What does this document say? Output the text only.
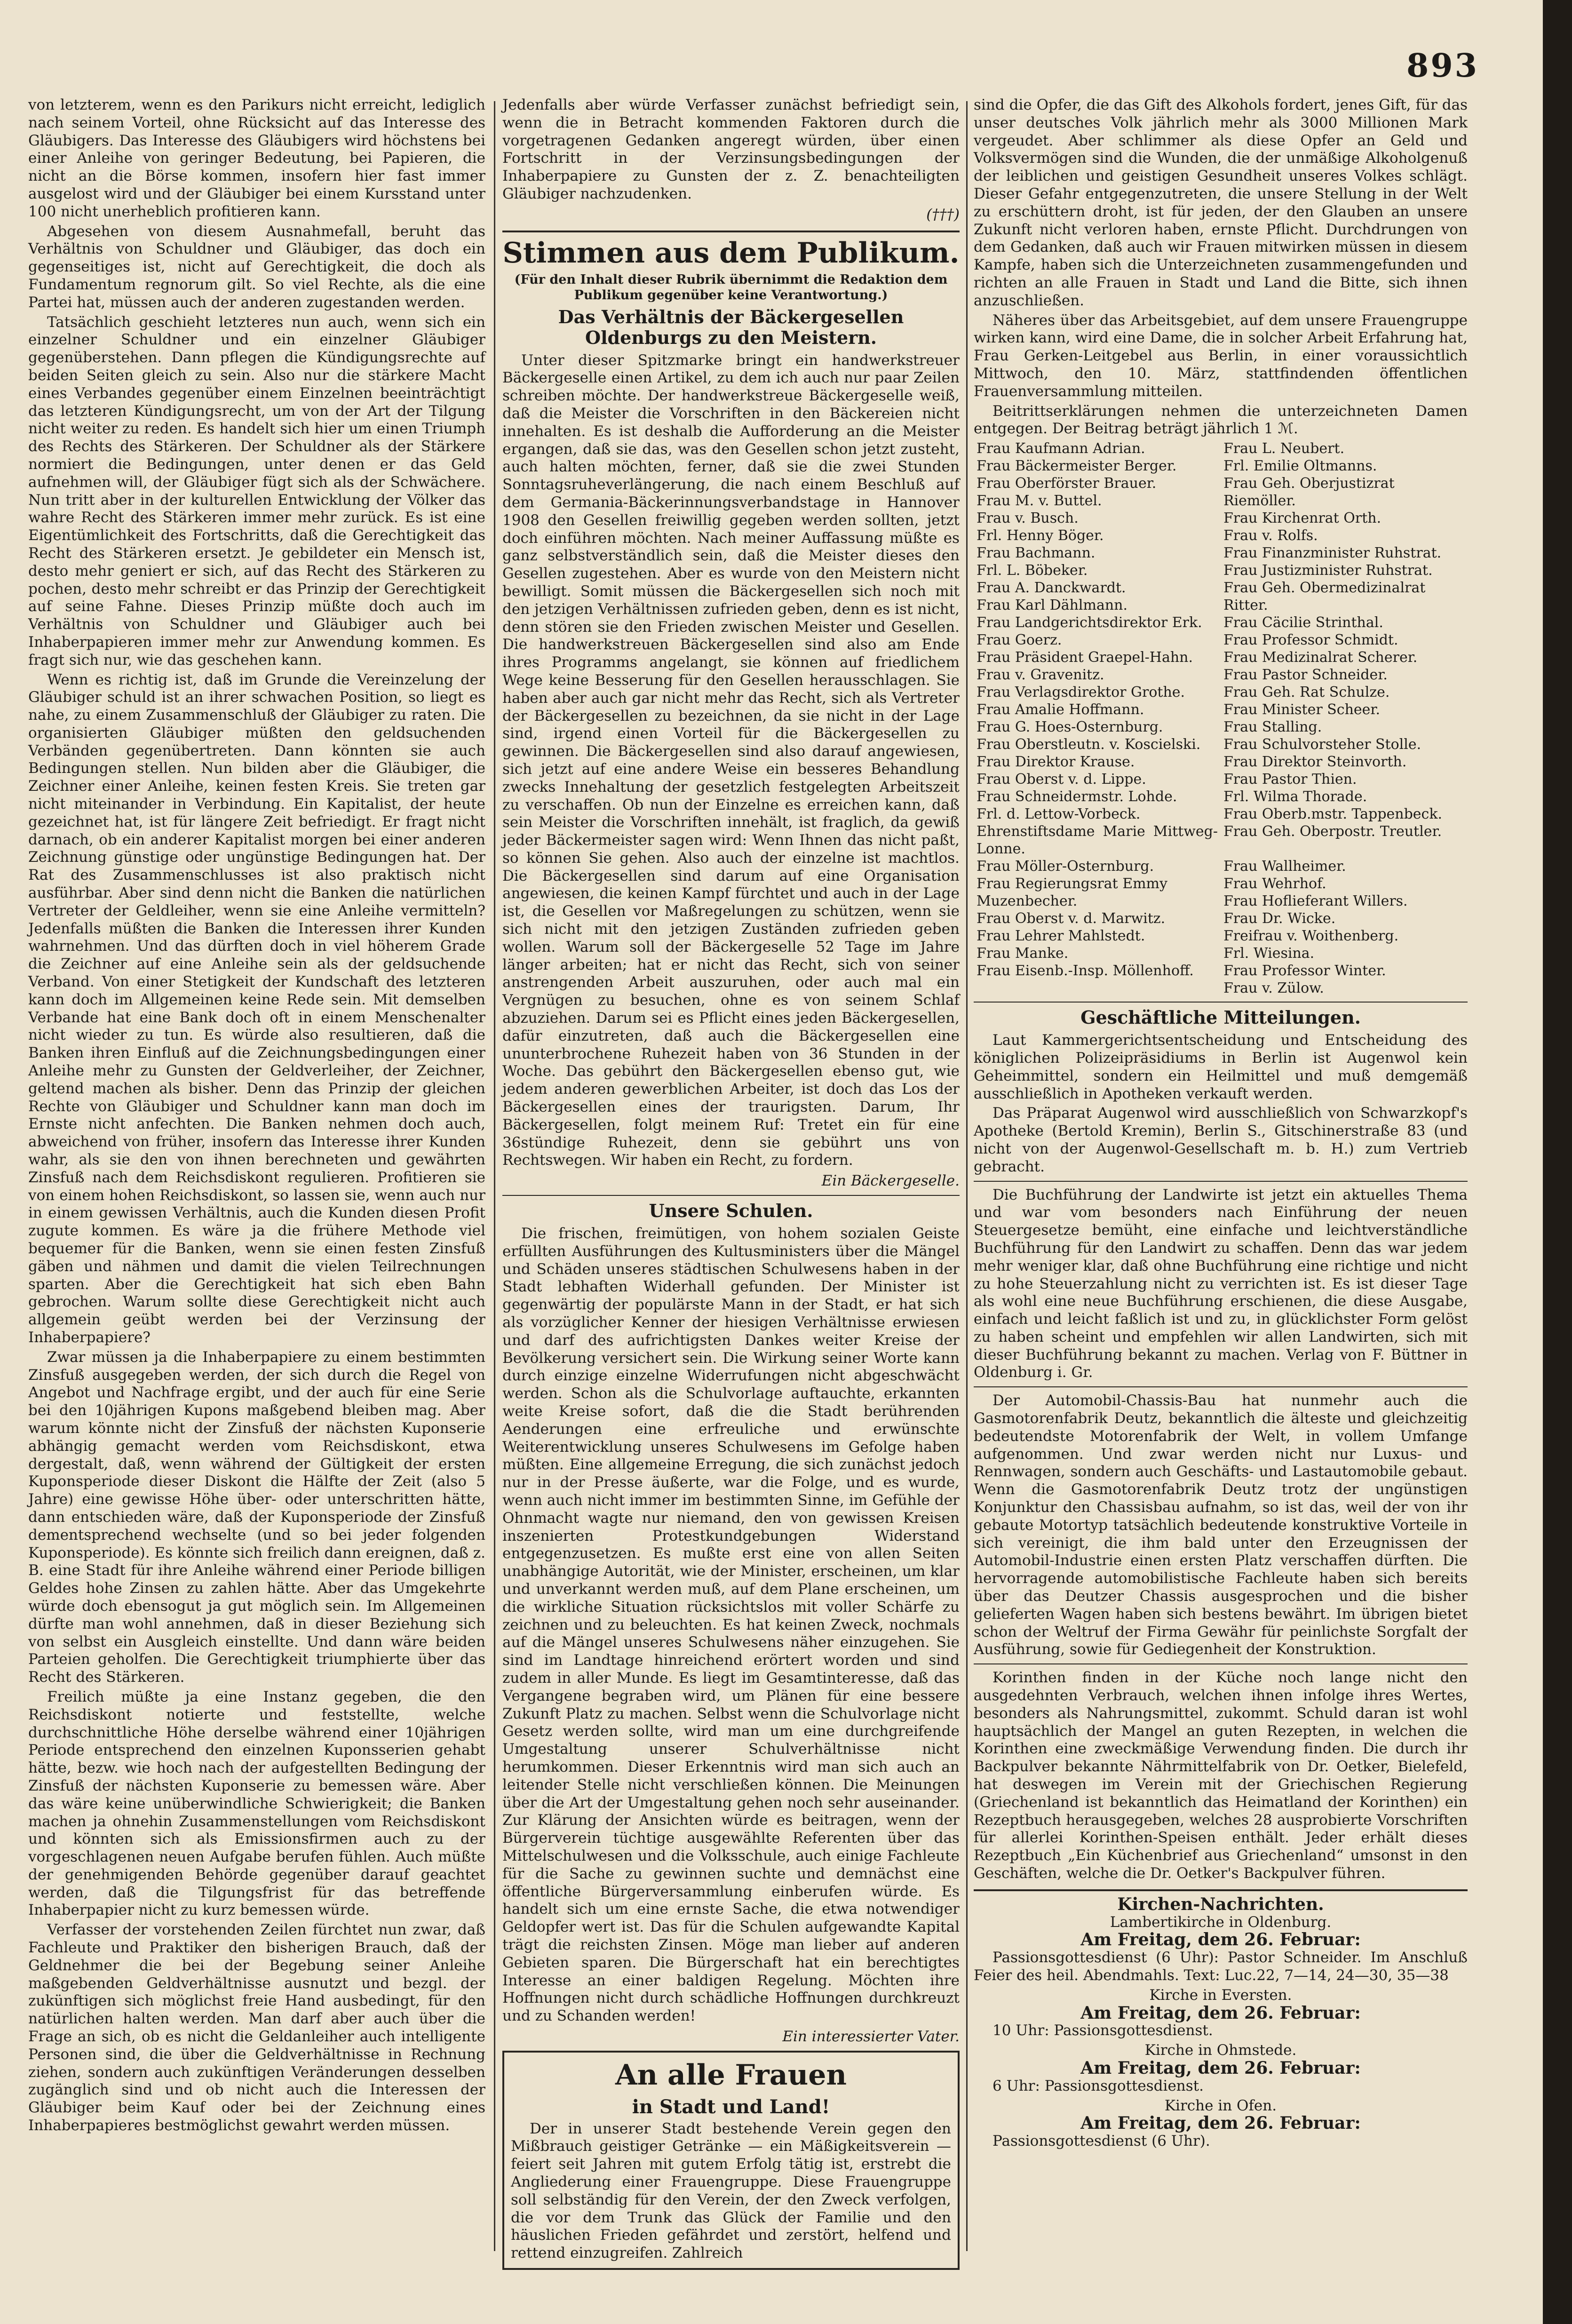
893

von letzterem, wenn es den Parikurs nicht erreicht, lediglich nach seinem Vorteil, ohne Rücksicht auf das Interesse des Gläubigers. Das Interesse des Gläubigers wird höchstens bei einer Anleihe von geringer Bedeutung, bei Papieren, die nicht an die Börse kommen, insofern hier fast immer ausgelost wird und der Gläubiger bei einem Kursstand unter 100 nicht unerheblich profitieren kann.

Abgesehen von diesem Ausnahmefall, beruht das Verhältnis von Schuldner und Gläubiger, das doch ein gegenseitiges ist, nicht auf Gerechtigkeit, die doch als Fundamentum regnorum gilt. So viel Rechte, als die eine Partei hat, müssen auch der anderen zugestanden werden.

Tatsächlich geschieht letzteres nun auch, wenn sich ein einzelner Schuldner und ein einzelner Gläubiger gegenüberstehen. Dann pflegen die Kündigungsrechte auf beiden Seiten gleich zu sein. Also nur die stärkere Macht eines Verbandes gegenüber einem Einzelnen beeinträchtigt das letzteren Kündigungsrecht, um von der Art der Tilgung nicht weiter zu reden. Es handelt sich hier um einen Triumph des Rechts des Stärkeren. Der Schuldner als der Stärkere normiert die Bedingungen, unter denen er das Geld aufnehmen will, der Gläubiger fügt sich als der Schwächere. Nun tritt aber in der kulturellen Entwicklung der Völker das wahre Recht des Stärkeren immer mehr zurück. Es ist eine Eigentümlichkeit des Fortschritts, daß die Gerechtigkeit das Recht des Stärkeren ersetzt. Je gebildeter ein Mensch ist, desto mehr geniert er sich, auf das Recht des Stärkeren zu pochen, desto mehr schreibt er das Prinzip der Gerechtigkeit auf seine Fahne. Dieses Prinzip müßte doch auch im Verhältnis von Schuldner und Gläubiger auch bei Inhaberpapieren immer mehr zur Anwendung kommen. Es fragt sich nur, wie das geschehen kann.

Wenn es richtig ist, daß im Grunde die Vereinzelung der Gläubiger schuld ist an ihrer schwachen Position, so liegt es nahe, zu einem Zusammenschluß der Gläubiger zu raten. Die organisierten Gläubiger müßten den geldsuchenden Verbänden gegenübertreten. Dann könnten sie auch Bedingungen stellen. Nun bilden aber die Gläubiger, die Zeichner einer Anleihe, keinen festen Kreis. Sie treten gar nicht miteinander in Verbindung. Ein Kapitalist, der heute gezeichnet hat, ist für längere Zeit befriedigt. Er fragt nicht darnach, ob ein anderer Kapitalist morgen bei einer anderen Zeichnung günstige oder ungünstige Bedingungen hat. Der Rat des Zusammenschlusses ist also praktisch nicht ausführbar. Aber sind denn nicht die Banken die natürlichen Vertreter der Geldleiher, wenn sie eine Anleihe vermitteln? Jedenfalls müßten die Banken die Interessen ihrer Kunden wahrnehmen. Und das dürften doch in viel höherem Grade die Zeichner auf eine Anleihe sein als der geldsuchende Verband. Von einer Stetigkeit der Kundschaft des letzteren kann doch im Allgemeinen keine Rede sein. Mit demselben Verbande hat eine Bank doch oft in einem Menschenalter nicht wieder zu tun. Es würde also resultieren, daß die Banken ihren Einfluß auf die Zeichnungsbedingungen einer Anleihe mehr zu Gunsten der Geldverleiher, der Zeichner, geltend machen als bisher. Denn das Prinzip der gleichen Rechte von Gläubiger und Schuldner kann man doch im Ernste nicht anfechten. Die Banken nehmen doch auch, abweichend von früher, insofern das Interesse ihrer Kunden wahr, als sie den von ihnen berechneten und gewährten Zinsfuß nach dem Reichsdiskont regulieren. Profitieren sie von einem hohen Reichsdiskont, so lassen sie, wenn auch nur in einem gewissen Verhältnis, auch die Kunden diesen Profit zugute kommen. Es wäre ja die frühere Methode viel bequemer für die Banken, wenn sie einen festen Zinsfuß gäben und nähmen und damit die vielen Teilrechnungen sparten. Aber die Gerechtigkeit hat sich eben Bahn gebrochen. Warum sollte diese Gerechtigkeit nicht auch allgemein geübt werden bei der Verzinsung der Inhaberpapiere?

Zwar müssen ja die Inhaberpapiere zu einem bestimmten Zinsfuß ausgegeben werden, der sich durch die Regel von Angebot und Nachfrage ergibt, und der auch für eine Serie bei den 10jährigen Kupons maßgebend bleiben mag. Aber warum könnte nicht der Zinsfuß der nächsten Kuponserie abhängig gemacht werden vom Reichsdiskont, etwa dergestalt, daß, wenn während der Gültigkeit der ersten Kuponsperiode dieser Diskont die Hälfte der Zeit (also 5 Jahre) eine gewisse Höhe über- oder unterschritten hätte, dann entschieden wäre, daß der Kuponsperiode der Zinsfuß dementsprechend wechselte (und so bei jeder folgenden Kuponsperiode). Es könnte sich freilich dann ereignen, daß z. B. eine Stadt für ihre Anleihe während einer Periode billigen Geldes hohe Zinsen zu zahlen hätte. Aber das Umgekehrte würde doch ebensogut ja gut möglich sein. Im Allgemeinen dürfte man wohl annehmen, daß in dieser Beziehung sich von selbst ein Ausgleich einstellte. Und dann wäre beiden Parteien geholfen. Die Gerechtigkeit triumphierte über das Recht des Stärkeren.

Freilich müßte ja eine Instanz gegeben, die den Reichsdiskont notierte und feststellte, welche durchschnittliche Höhe derselbe während einer 10jährigen Periode entsprechend den einzelnen Kuponsserien gehabt hätte, bezw. wie hoch nach der aufgestellten Bedingung der Zinsfuß der nächsten Kuponserie zu bemessen wäre. Aber das wäre keine unüberwindliche Schwierigkeit; die Banken machen ja ohnehin Zusammenstellungen vom Reichsdiskont und könnten sich als Emissionsfirmen auch zu der vorgeschlagenen neuen Aufgabe berufen fühlen. Auch müßte der genehmigenden Behörde gegenüber darauf geachtet werden, daß die Tilgungsfrist für das betreffende Inhaberpapier nicht zu kurz bemessen würde.

Verfasser der vorstehenden Zeilen fürchtet nun zwar, daß Fachleute und Praktiker den bisherigen Brauch, daß der Geldnehmer die bei der Begebung seiner Anleihe maßgebenden Geldverhältnisse ausnutzt und bezgl. der zukünftigen sich möglichst freie Hand ausbedingt, für den natürlichen halten werden. Man darf aber auch über die Frage an sich, ob es nicht die Geldanleiher auch intelligente Personen sind, die über die Geldverhältnisse in Rechnung ziehen, sondern auch zukünftigen Veränderungen desselben zugänglich sind und ob nicht auch die Interessen der Gläubiger beim Kauf oder bei der Zeichnung eines Inhaberpapieres bestmöglichst gewahrt werden müssen.

Jedenfalls aber würde Verfasser zunächst befriedigt sein, wenn die in Betracht kommenden Faktoren durch die vorgetragenen Gedanken angeregt würden, über einen Fortschritt in der Verzinsungsbedingungen der Inhaberpapiere zu Gunsten der z. Z. benachteiligten Gläubiger nachzudenken.

(†††)
Stimmen aus dem Publikum.
(Für den Inhalt dieser Rubrik übernimmt die Redaktion dem Publikum gegenüber keine Verantwortung.)
Das Verhältnis der Bäckergesellen Oldenburgs zu den Meistern.

Unter dieser Spitzmarke bringt ein handwerkstreuer Bäckergeselle einen Artikel, zu dem ich auch nur paar Zeilen schreiben möchte. Der handwerkstreue Bäckergeselle weiß, daß die Meister die Vorschriften in den Bäckereien nicht innehalten. Es ist deshalb die Aufforderung an die Meister ergangen, daß sie das, was den Gesellen schon jetzt zusteht, auch halten möchten, ferner, daß sie die zwei Stunden Sonntagsruheverlängerung, die nach einem Beschluß auf dem Germania-Bäckerinnungsverbandstage in Hannover 1908 den Gesellen freiwillig gegeben werden sollten, jetzt doch einführen möchten. Nach meiner Auffassung müßte es ganz selbstverständlich sein, daß die Meister dieses den Gesellen zugestehen. Aber es wurde von den Meistern nicht bewilligt. Somit müssen die Bäckergesellen sich noch mit den jetzigen Verhältnissen zufrieden geben, denn es ist nicht, denn stören sie den Frieden zwischen Meister und Gesellen. Die handwerkstreuen Bäckergesellen sind also am Ende ihres Programms angelangt, sie können auf friedlichem Wege keine Besserung für den Gesellen herausschlagen. Sie haben aber auch gar nicht mehr das Recht, sich als Vertreter der Bäckergesellen zu bezeichnen, da sie nicht in der Lage sind, irgend einen Vorteil für die Bäckergesellen zu gewinnen. Die Bäckergesellen sind also darauf angewiesen, sich jetzt auf eine andere Weise ein besseres Behandlung zwecks Innehaltung der gesetzlich festgelegten Arbeitszeit zu verschaffen. Ob nun der Einzelne es erreichen kann, daß sein Meister die Vorschriften innehält, ist fraglich, da gewiß jeder Bäckermeister sagen wird: Wenn Ihnen das nicht paßt, so können Sie gehen. Also auch der einzelne ist machtlos. Die Bäckergesellen sind darum auf eine Organisation angewiesen, die keinen Kampf fürchtet und auch in der Lage ist, die Gesellen vor Maßregelungen zu schützen, wenn sie sich nicht mit den jetzigen Zuständen zufrieden geben wollen. Warum soll der Bäckergeselle 52 Tage im Jahre länger arbeiten; hat er nicht das Recht, sich von seiner anstrengenden Arbeit auszuruhen, oder auch mal ein Vergnügen zu besuchen, ohne es von seinem Schlaf abzuziehen. Darum sei es Pflicht eines jeden Bäckergesellen, dafür einzutreten, daß auch die Bäckergesellen eine ununterbrochene Ruhezeit haben von 36 Stunden in der Woche. Das gebührt den Bäckergesellen ebenso gut, wie jedem anderen gewerblichen Arbeiter, ist doch das Los der Bäckergesellen eines der traurigsten. Darum, Ihr Bäckergesellen, folgt meinem Ruf: Tretet ein für eine 36stündige Ruhezeit, denn sie gebührt uns von Rechtswegen. Wir haben ein Recht, zu fordern.

Ein Bäckergeselle.
Unsere Schulen.

Die frischen, freimütigen, von hohem sozialen Geiste erfüllten Ausführungen des Kultusministers über die Mängel und Schäden unseres städtischen Schulwesens haben in der Stadt lebhaften Widerhall gefunden. Der Minister ist gegenwärtig der populärste Mann in der Stadt, er hat sich als vorzüglicher Kenner der hiesigen Verhältnisse erwiesen und darf des aufrichtigsten Dankes weiter Kreise der Bevölkerung versichert sein. Die Wirkung seiner Worte kann durch einzige einzelne Widerrufungen nicht abgeschwächt werden. Schon als die Schulvorlage auftauchte, erkannten weite Kreise sofort, daß die die Stadt berührenden Aenderungen eine erfreuliche und erwünschte Weiterentwicklung unseres Schulwesens im Gefolge haben müßten. Eine allgemeine Erregung, die sich zunächst jedoch nur in der Presse äußerte, war die Folge, und es wurde, wenn auch nicht immer im bestimmten Sinne, im Gefühle der Ohnmacht wagte nur niemand, den von gewissen Kreisen inszenierten Protestkundgebungen Widerstand entgegenzusetzen. Es mußte erst eine von allen Seiten unabhängige Autorität, wie der Minister, erscheinen, um klar und unverkannt werden muß, auf dem Plane erscheinen, um die wirkliche Situation rücksichtslos mit voller Schärfe zu zeichnen und zu beleuchten. Es hat keinen Zweck, nochmals auf die Mängel unseres Schulwesens näher einzugehen. Sie sind im Landtage hinreichend erörtert worden und sind zudem in aller Munde. Es liegt im Gesamtinteresse, daß das Vergangene begraben wird, um Plänen für eine bessere Zukunft Platz zu machen. Selbst wenn die Schulvorlage nicht Gesetz werden sollte, wird man um eine durchgreifende Umgestaltung unserer Schulverhältnisse nicht herumkommen. Dieser Erkenntnis wird man sich auch an leitender Stelle nicht verschließen können. Die Meinungen über die Art der Umgestaltung gehen noch sehr auseinander. Zur Klärung der Ansichten würde es beitragen, wenn der Bürgerverein tüchtige ausgewählte Referenten über das Mittelschulwesen und die Volksschule, auch einige Fachleute für die Sache zu gewinnen suchte und demnächst eine öffentliche Bürgerversammlung einberufen würde. Es handelt sich um eine ernste Sache, die etwa notwendiger Geldopfer wert ist. Das für die Schulen aufgewandte Kapital trägt die reichsten Zinsen. Möge man lieber auf anderen Gebieten sparen. Die Bürgerschaft hat ein berechtigtes Interesse an einer baldigen Regelung. Möchten ihre Hoffnungen nicht durch schädliche Hoffnungen durchkreuzt und zu Schanden werden!

Ein interessierter Vater.
An alle Frauen
in Stadt und Land!

Der in unserer Stadt bestehende Verein gegen den Mißbrauch geistiger Getränke — ein Mäßigkeitsverein — feiert seit Jahren mit gutem Erfolg tätig ist, erstrebt die Angliederung einer Frauengruppe. Diese Frauengruppe soll selbständig für den Verein, der den Zweck verfolgen, die vor dem Trunk das Glück der Familie und den häuslichen Frieden gefährdet und zerstört, helfend und rettend einzugreifen. Zahlreich

sind die Opfer, die das Gift des Alkohols fordert, jenes Gift, für das unser deutsches Volk jährlich mehr als 3000 Millionen Mark vergeudet. Aber schlimmer als diese Opfer an Geld und Volksvermögen sind die Wunden, die der unmäßige Alkoholgenuß der leiblichen und geistigen Gesundheit unseres Volkes schlägt. Dieser Gefahr entgegenzutreten, die unsere Stellung in der Welt zu erschüttern droht, ist für jeden, der den Glauben an unsere Zukunft nicht verloren haben, ernste Pflicht. Durchdrungen von dem Gedanken, daß auch wir Frauen mitwirken müssen in diesem Kampfe, haben sich die Unterzeichneten zusammengefunden und richten an alle Frauen in Stadt und Land die Bitte, sich ihnen anzuschließen.

Näheres über das Arbeitsgebiet, auf dem unsere Frauengruppe wirken kann, wird eine Dame, die in solcher Arbeit Erfahrung hat, Frau Gerken-Leitgebel aus Berlin, in einer voraussichtlich Mittwoch, den 10. März, stattfindenden öffentlichen Frauenversammlung mitteilen.

Beitrittserklärungen nehmen die unterzeichneten Damen entgegen. Der Beitrag beträgt jährlich 1 ℳ.

Frau Kaufmann Adrian.	Frau L. Neubert.
Frau Bäckermeister Berger.	Frl. Emilie Oltmanns.
Frau Oberförster Brauer.	Frau Geh. Oberjustizrat
Frau M. v. Buttel.	Riemöller.
Frau v. Busch.	Frau Kirchenrat Orth.
Frl. Henny Böger.	Frau v. Rolfs.
Frau Bachmann.	Frau Finanzminister Ruhstrat.
Frl. L. Böbeker.	Frau Justizminister Ruhstrat.
Frau A. Danckwardt.	Frau Geh. Obermedizinalrat
Frau Karl Dählmann.	Ritter.
Frau Landgerichtsdirektor Erk.	Frau Cäcilie Strinthal.
Frau Goerz.	Frau Professor Schmidt.
Frau Präsident Graepel-Hahn.	Frau Medizinalrat Scherer.
Frau v. Gravenitz.	Frau Pastor Schneider.
Frau Verlagsdirektor Grothe.	Frau Geh. Rat Schulze.
Frau Amalie Hoffmann.	Frau Minister Scheer.
Frau G. Hoes-Osternburg.	Frau Stalling.
Frau Oberstleutn. v. Koscielski.	Frau Schulvorsteher Stolle.
Frau Direktor Krause.	Frau Direktor Steinvorth.
Frau Oberst v. d. Lippe.	Frau Pastor Thien.
Frau Schneidermstr. Lohde.	Frl. Wilma Thorade.
Frl. d. Lettow-Vorbeck.	Frau Oberb.mstr. Tappenbeck.
Ehrenstiftsdame Marie Mittweg-Lonne.	Frau Geh. Oberpostr. Treutler.
Frau Möller-Osternburg.	Frau Wallheimer.
Frau Regierungsrat Emmy	Frau Wehrhof.
Muzenbecher.	Frau Hoflieferant Willers.
Frau Oberst v. d. Marwitz.	Frau Dr. Wicke.
Frau Lehrer Mahlstedt.	Freifrau v. Woithenberg.
Frau Manke.	Frl. Wiesina.
Frau Eisenb.-Insp. Möllenhoff.	Frau Professor Winter.
	Frau v. Zülow.
Geschäftliche Mitteilungen.

Laut Kammergerichtsentscheidung und Entscheidung des königlichen Polizeipräsidiums in Berlin ist Augenwol kein Geheimmittel, sondern ein Heilmittel und muß demgemäß ausschließlich in Apotheken verkauft werden.

Das Präparat Augenwol wird ausschließlich von Schwarzkopf's Apotheke (Bertold Kremin), Berlin S., Gitschinerstraße 83 (und nicht von der Augenwol-Gesellschaft m. b. H.) zum Vertrieb gebracht.

Die Buchführung der Landwirte ist jetzt ein aktuelles Thema und war vom besonders nach Einführung der neuen Steuergesetze bemüht, eine einfache und leichtverständliche Buchführung für den Landwirt zu schaffen. Denn das war jedem mehr weniger klar, daß ohne Buchführung eine richtige und nicht zu hohe Steuerzahlung nicht zu verrichten ist. Es ist dieser Tage als wohl eine neue Buchführung erschienen, die diese Ausgabe, einfach und leicht faßlich ist und zu, in glücklichster Form gelöst zu haben scheint und empfehlen wir allen Landwirten, sich mit dieser Buchführung bekannt zu machen. Verlag von F. Büttner in Oldenburg i. Gr.

Der Automobil-Chassis-Bau hat nunmehr auch die Gasmotorenfabrik Deutz, bekanntlich die älteste und gleichzeitig bedeutendste Motorenfabrik der Welt, in vollem Umfange aufgenommen. Und zwar werden nicht nur Luxus- und Rennwagen, sondern auch Geschäfts- und Lastautomobile gebaut. Wenn die Gasmotorenfabrik Deutz trotz der ungünstigen Konjunktur den Chassisbau aufnahm, so ist das, weil der von ihr gebaute Motortyp tatsächlich bedeutende konstruktive Vorteile in sich vereinigt, die ihm bald unter den Erzeugnissen der Automobil-Industrie einen ersten Platz verschaffen dürften. Die hervorragende automobilistische Fachleute haben sich bereits über das Deutzer Chassis ausgesprochen und die bisher gelieferten Wagen haben sich bestens bewährt. Im übrigen bietet schon der Weltruf der Firma Gewähr für peinlichste Sorgfalt der Ausführung, sowie für Gediegenheit der Konstruktion.

Korinthen finden in der Küche noch lange nicht den ausgedehnten Verbrauch, welchen ihnen infolge ihres Wertes, besonders als Nahrungsmittel, zukommt. Schuld daran ist wohl hauptsächlich der Mangel an guten Rezepten, in welchen die Korinthen eine zweckmäßige Verwendung finden. Die durch ihr Backpulver bekannte Nährmittelfabrik von Dr. Oetker, Bielefeld, hat deswegen im Verein mit der Griechischen Regierung (Griechenland ist bekanntlich das Heimatland der Korinthen) ein Rezeptbuch herausgegeben, welches 28 ausprobierte Vorschriften für allerlei Korinthen-Speisen enthält. Jeder erhält dieses Rezeptbuch „Ein Küchenbrief aus Griechenland“ umsonst in den Geschäften, welche die Dr. Oetker's Backpulver führen.

Kirchen-Nachrichten.
Lambertikirche in Oldenburg.
Am Freitag, dem 26. Februar:

Passionsgottesdienst (6 Uhr): Pastor Schneider. Im Anschluß Feier des heil. Abendmahls. Text: Luc.22, 7—14, 24—30, 35—38

Kirche in Eversten.
Am Freitag, dem 26. Februar:

10 Uhr: Passionsgottesdienst.

Kirche in Ohmstede.
Am Freitag, dem 26. Februar:

6 Uhr: Passionsgottesdienst.

Kirche in Ofen.
Am Freitag, dem 26. Februar:

Passionsgottesdienst (6 Uhr).
